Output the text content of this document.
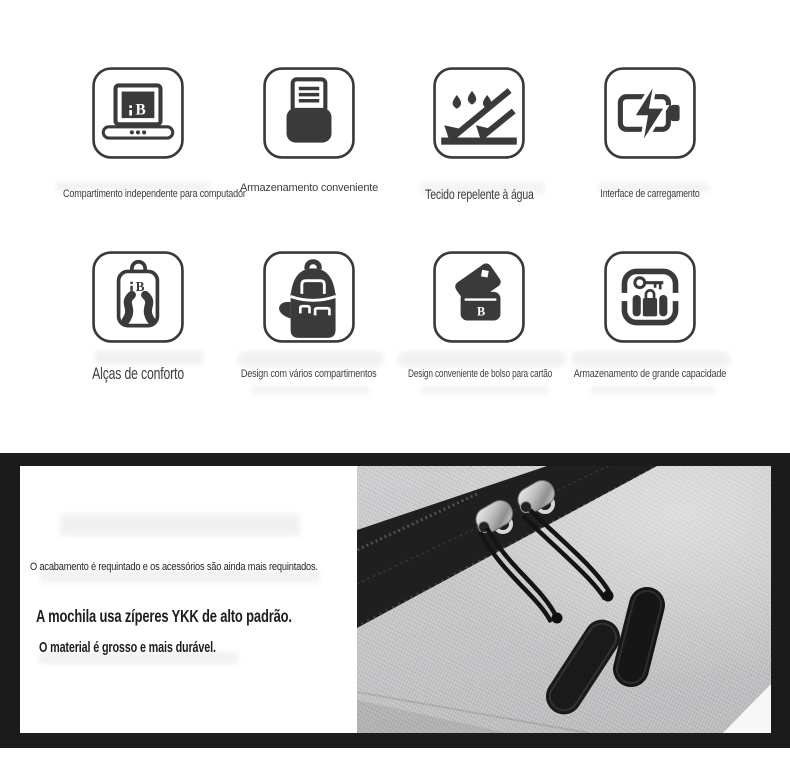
B
Compartimento independente para computador
Armazenamento conveniente	Tecido repelente à água	Interface de carregamento
B
Alças de conforto	Design com vários compartimentos
B
Design conveniente de bolso para cartão	Armazenamento de grande capacidade

O acabamento é requintado e os acessórios são ainda mais requintados.

A mochila usa zíperes YKK de alto padrão.

O material é grosso e mais durável.
